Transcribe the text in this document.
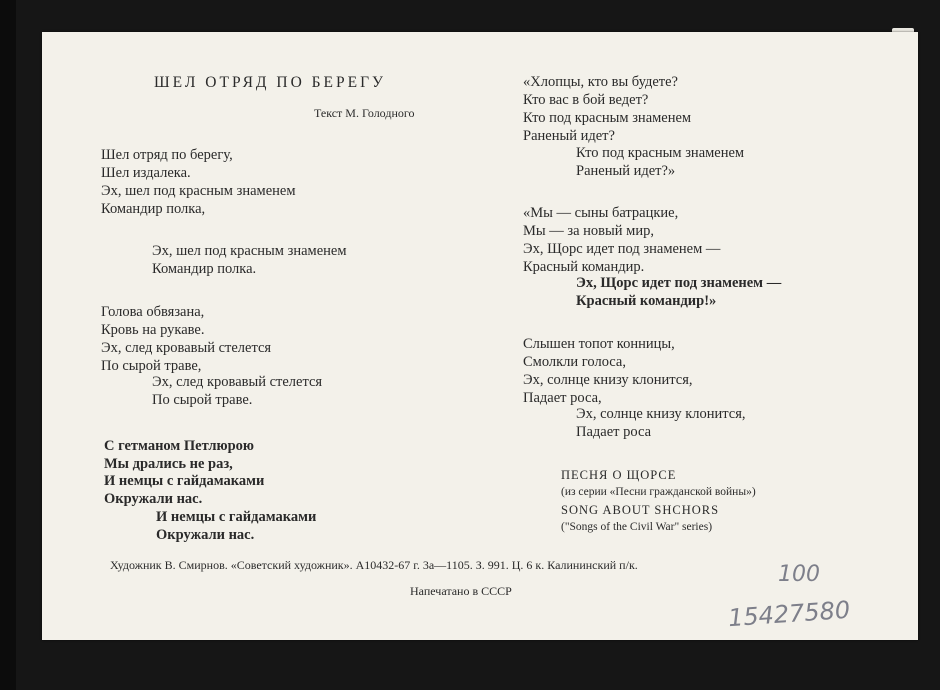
ШЕЛ ОТРЯД ПО БЕРЕГУ
Текст М. Голодного
Шел отряд по берегу,
Шел издалека.
Эх, шел под красным знаменем
Командир полка,
Эх, шел под красным знаменем
Командир полка.
Голова обвязана,
Кровь на рукаве.
Эх, след кровавый стелется
По сырой траве,
Эх, след кровавый стелется
По сырой траве.
С гетманом Петлюрою
Мы дрались не раз,
И немцы с гайдамаками
Окружали нас.
И немцы с гайдамаками
Окружали нас.
«Хлопцы, кто вы будете?
Кто вас в бой ведет?
Кто под красным знаменем
Раненый идет?
Кто под красным знаменем
Раненый идет?»
«Мы — сыны батрацкие,
Мы — за новый мир,
Эх, Щорс идет под знаменем —
Красный командир.
Эх, Щорс идет под знаменем —
Красный командир!»
Слышен топот конницы,
Смолкли голоса,
Эх, солнце книзу клонится,
Падает роса,
Эх, солнце книзу клонится,
Падает роса
ПЕСНЯ О ЩОРСЕ
(из серии «Песни гражданской войны»)
SONG ABOUT SHCHORS
("Songs of the Civil War" series)
Художник В. Смирнов. «Советский художник». А10432-67 г. 3а—1105. З. 991. Ц. 6 к. Калининский п/к.
Напечатано в СССР
100
15427580
